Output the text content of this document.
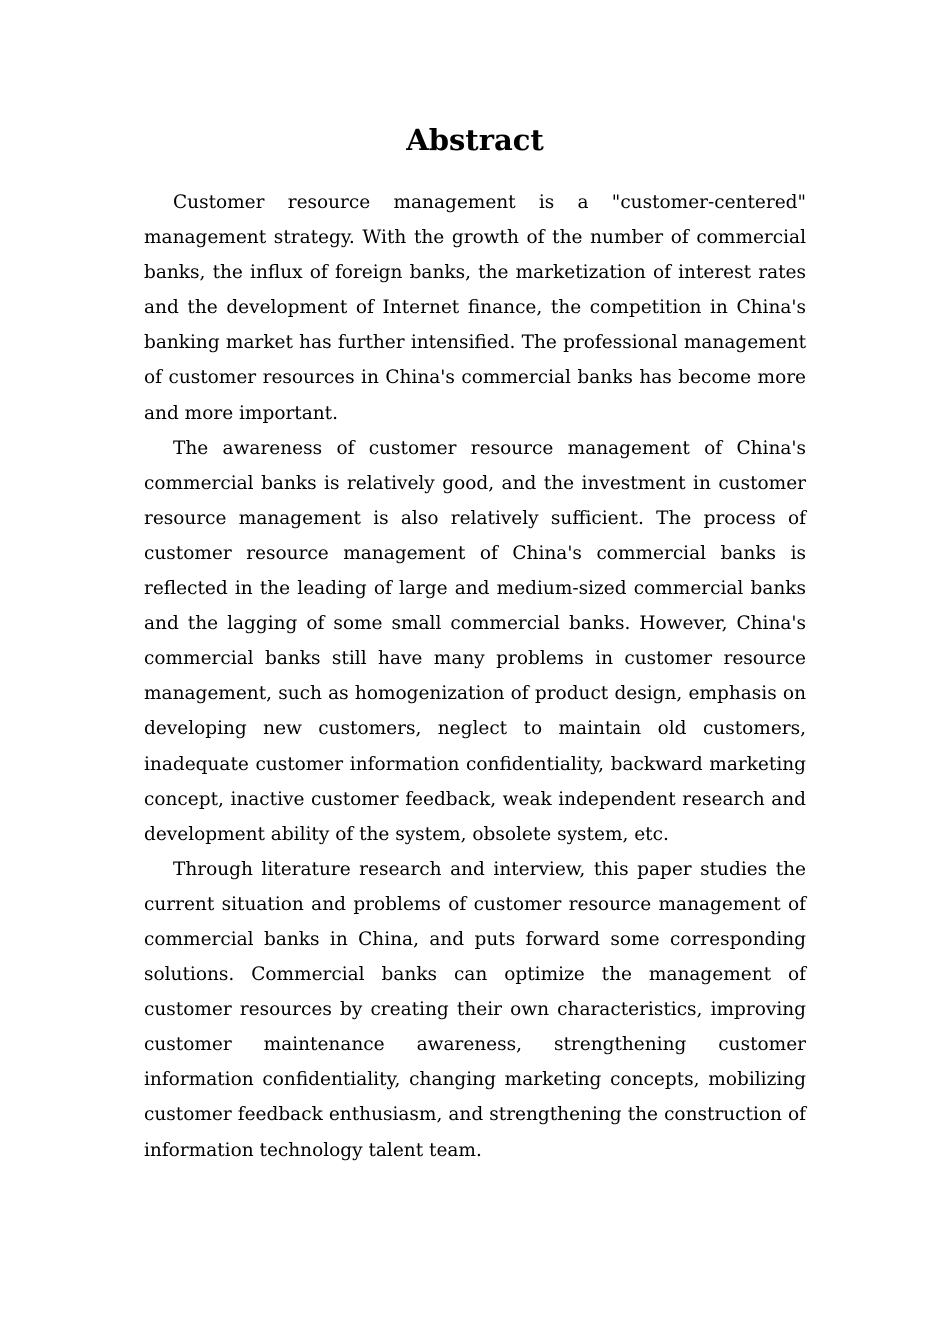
Abstract

Customer resource management is a "customer-centered" management strategy. With the growth of the number of commercial banks, the influx of foreign banks, the marketization of interest rates and the development of Internet finance, the competition in China's banking market has further intensified. The professional management of customer resources in China's commercial banks has become more and more important.

The awareness of customer resource management of China's commercial banks is relatively good, and the investment in customer resource management is also relatively sufficient. The process of customer resource management of China's commercial banks is reflected in the leading of large and medium-sized commercial banks and the lagging of some small commercial banks. However, China's commercial banks still have many problems in customer resource management, such as homogenization of product design, emphasis on developing new customers, neglect to maintain old customers, inadequate customer information confidentiality, backward marketing concept, inactive customer feedback, weak independent research and development ability of the system, obsolete system, etc.

Through literature research and interview, this paper studies the current situation and problems of customer resource management of commercial banks in China, and puts forward some corresponding solutions. Commercial banks can optimize the management of customer resources by creating their own characteristics, improving customer maintenance awareness, strengthening customer information confidentiality, changing marketing concepts, mobilizing customer feedback enthusiasm, and strengthening the construction of information technology talent team.
